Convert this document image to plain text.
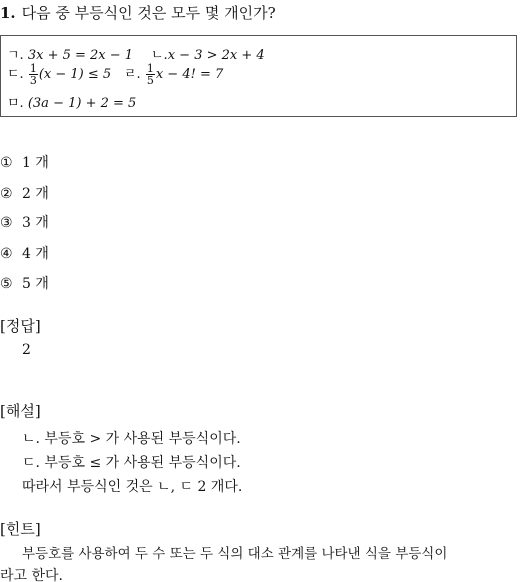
1. 다음 중 부등식인 것은 모두 몇 개인가?
ㄱ. 3x + 5 = 2x − 1 ㄴ.x − 3 > 2x + 4
ㄷ. $\frac{1}{3} (x - 1) \le 5$ ㄹ. $\frac{1}{5}$ x − 4! = 7
ㅁ. (3a − 1) + 2 = 5
① 1 개
② 2 개
③ 3 개
④ 4 개
⑤ 5 개
[정답]
2
[해설]
ㄴ. 부등호 > 가 사용된 부등식이다.
ㄷ. 부등호 ≤ 가 사용된 부등식이다.
따라서 부등식인 것은 ㄴ, ㄷ 2 개다.
[힌트]
부등호를 사용하여 두 수 또는 두 식의 대소 관계를 나타낸 식을 부등식이
라고 한다.
